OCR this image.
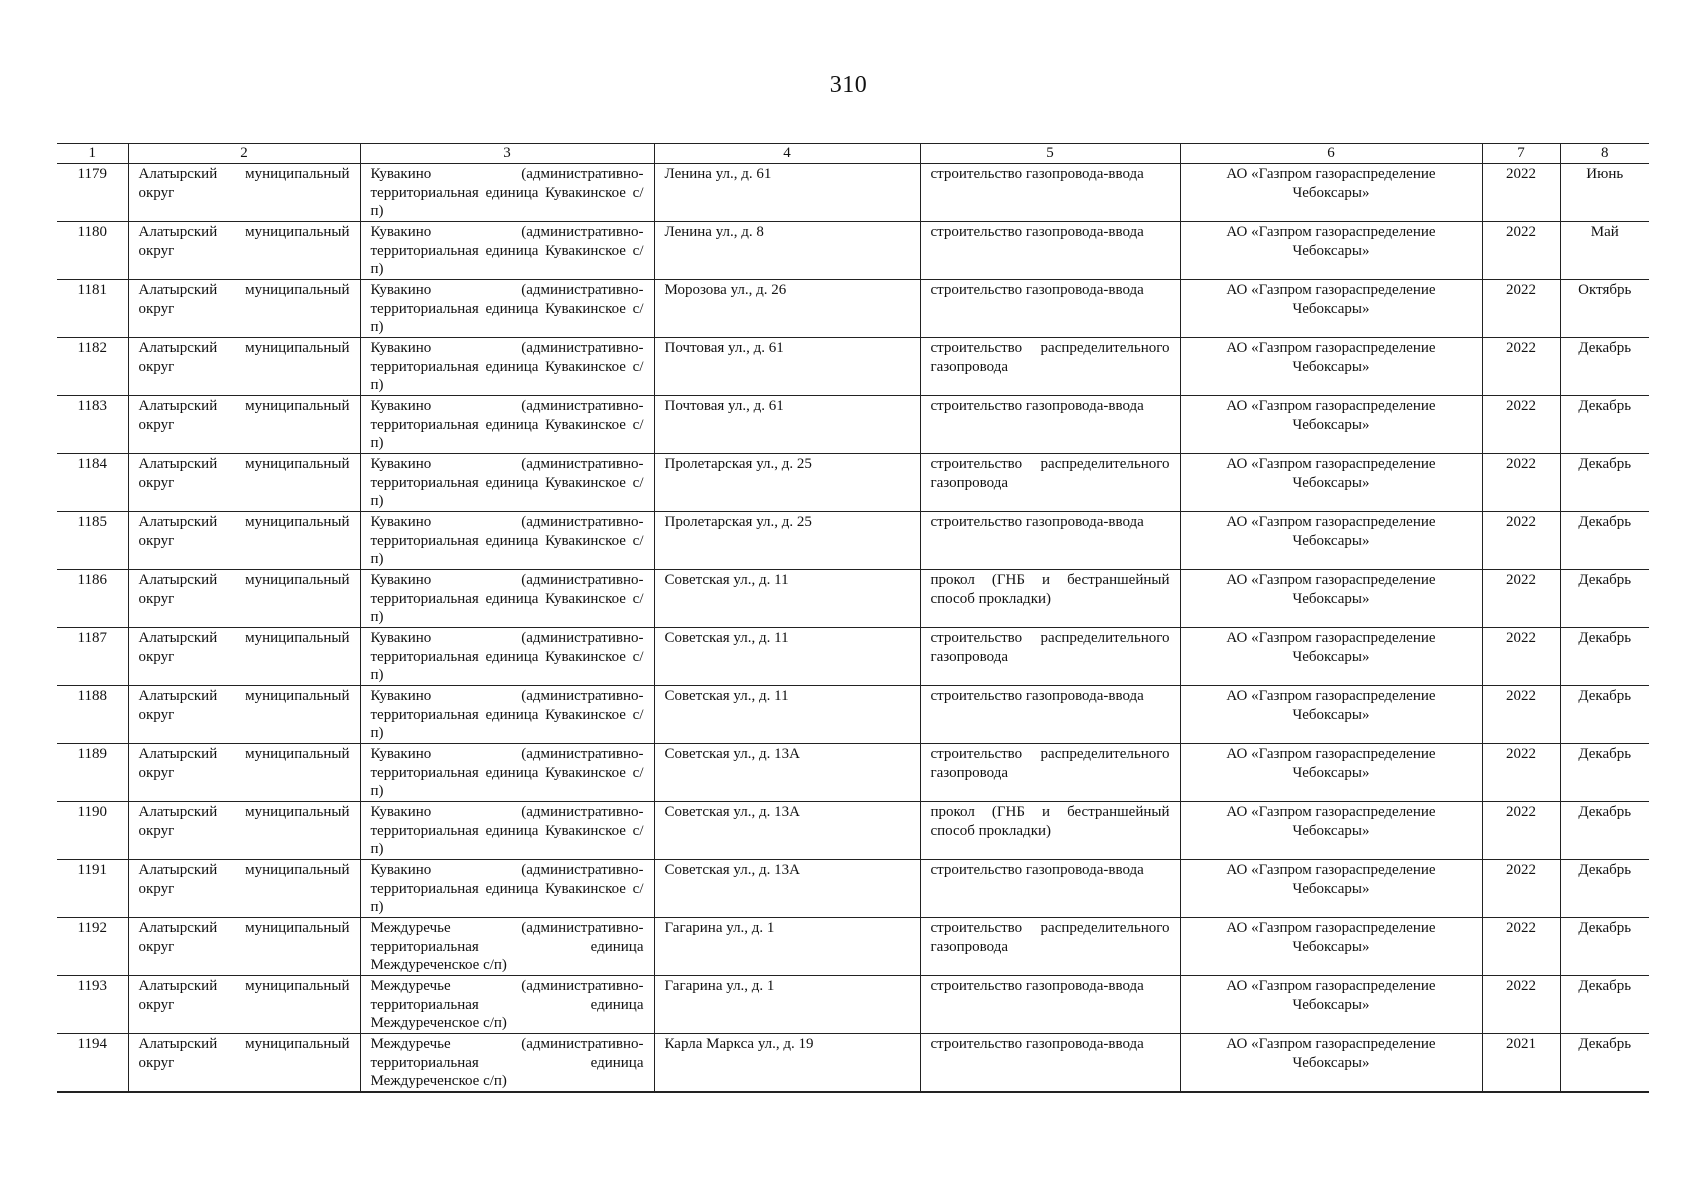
310
1	2	3	4	5	6	7	8
1179	Алатырский муниципальный округ	Кувакино (административно-территориальная единица Кувакинское с/п)	Ленина ул., д. 61	строительство газопровода-ввода	АО «Газпром газораспределение Чебоксары»	2022	Июнь
1180	Алатырский муниципальный округ	Кувакино (административно-территориальная единица Кувакинское с/п)	Ленина ул., д. 8	строительство газопровода-ввода	АО «Газпром газораспределение Чебоксары»	2022	Май
1181	Алатырский муниципальный округ	Кувакино (административно-территориальная единица Кувакинское с/п)	Морозова ул., д. 26	строительство газопровода-ввода	АО «Газпром газораспределение Чебоксары»	2022	Октябрь
1182	Алатырский муниципальный округ	Кувакино (административно-территориальная единица Кувакинское с/п)	Почтовая ул., д. 61	строительство распределительного газопровода	АО «Газпром газораспределение Чебоксары»	2022	Декабрь
1183	Алатырский муниципальный округ	Кувакино (административно-территориальная единица Кувакинское с/п)	Почтовая ул., д. 61	строительство газопровода-ввода	АО «Газпром газораспределение Чебоксары»	2022	Декабрь
1184	Алатырский муниципальный округ	Кувакино (административно-территориальная единица Кувакинское с/п)	Пролетарская ул., д. 25	строительство распределительного газопровода	АО «Газпром газораспределение Чебоксары»	2022	Декабрь
1185	Алатырский муниципальный округ	Кувакино (административно-территориальная единица Кувакинское с/п)	Пролетарская ул., д. 25	строительство газопровода-ввода	АО «Газпром газораспределение Чебоксары»	2022	Декабрь
1186	Алатырский муниципальный округ	Кувакино (административно-территориальная единица Кувакинское с/п)	Советская ул., д. 11	прокол (ГНБ и бестраншейный способ прокладки)	АО «Газпром газораспределение Чебоксары»	2022	Декабрь
1187	Алатырский муниципальный округ	Кувакино (административно-территориальная единица Кувакинское с/п)	Советская ул., д. 11	строительство распределительного газопровода	АО «Газпром газораспределение Чебоксары»	2022	Декабрь
1188	Алатырский муниципальный округ	Кувакино (административно-территориальная единица Кувакинское с/п)	Советская ул., д. 11	строительство газопровода-ввода	АО «Газпром газораспределение Чебоксары»	2022	Декабрь
1189	Алатырский муниципальный округ	Кувакино (административно-территориальная единица Кувакинское с/п)	Советская ул., д. 13А	строительство распределительного газопровода	АО «Газпром газораспределение Чебоксары»	2022	Декабрь
1190	Алатырский муниципальный округ	Кувакино (административно-территориальная единица Кувакинское с/п)	Советская ул., д. 13А	прокол (ГНБ и бестраншейный способ прокладки)	АО «Газпром газораспределение Чебоксары»	2022	Декабрь
1191	Алатырский муниципальный округ	Кувакино (административно-территориальная единица Кувакинское с/п)	Советская ул., д. 13А	строительство газопровода-ввода	АО «Газпром газораспределение Чебоксары»	2022	Декабрь
1192	Алатырский муниципальный округ	Междуречье (административно-территориальная единица Междуреченское с/п)	Гагарина ул., д. 1	строительство распределительного газопровода	АО «Газпром газораспределение Чебоксары»	2022	Декабрь
1193	Алатырский муниципальный округ	Междуречье (административно-территориальная единица Междуреченское с/п)	Гагарина ул., д. 1	строительство газопровода-ввода	АО «Газпром газораспределение Чебоксары»	2022	Декабрь
1194	Алатырский муниципальный округ	Междуречье (административно-территориальная единица Междуреченское с/п)	Карла Маркса ул., д. 19	строительство газопровода-ввода	АО «Газпром газораспределение Чебоксары»	2021	Декабрь
